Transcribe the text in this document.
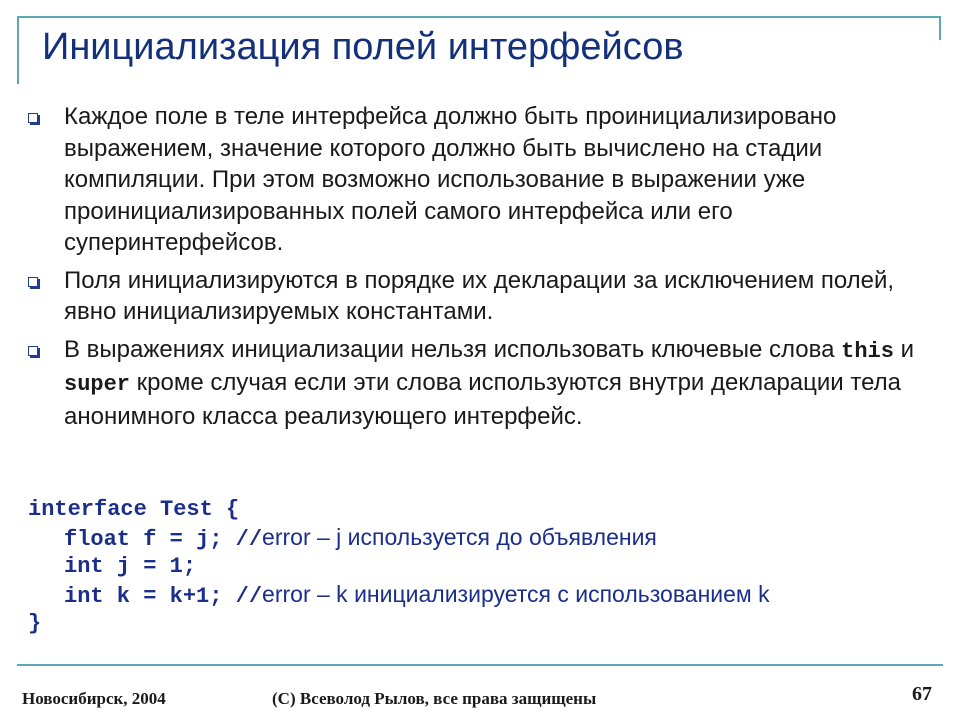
Инициализация полей интерфейсов
Каждое поле в теле интерфейса должно быть проинициализировано выражением, значение которого должно быть вычислено на стадии компиляции. При этом возможно использование в выражении уже проинициализированных полей самого интерфейса или его суперинтерфейсов.
Поля инициализируются в порядке их декларации за исключением полей, явно инициализируемых константами.
В выражениях инициализации нельзя использовать ключевые слова this и super кроме случая если эти слова используются внутри декларации тела анонимного класса реализующего интерфейс.
interface Test {
float f = j; //error – j используется до объявления
int j = 1;
int k = k+1; //error – k инициализируется с использованием k
}
Новосибирск, 2004	(С) Всеволод Рылов, все права защищены	67
